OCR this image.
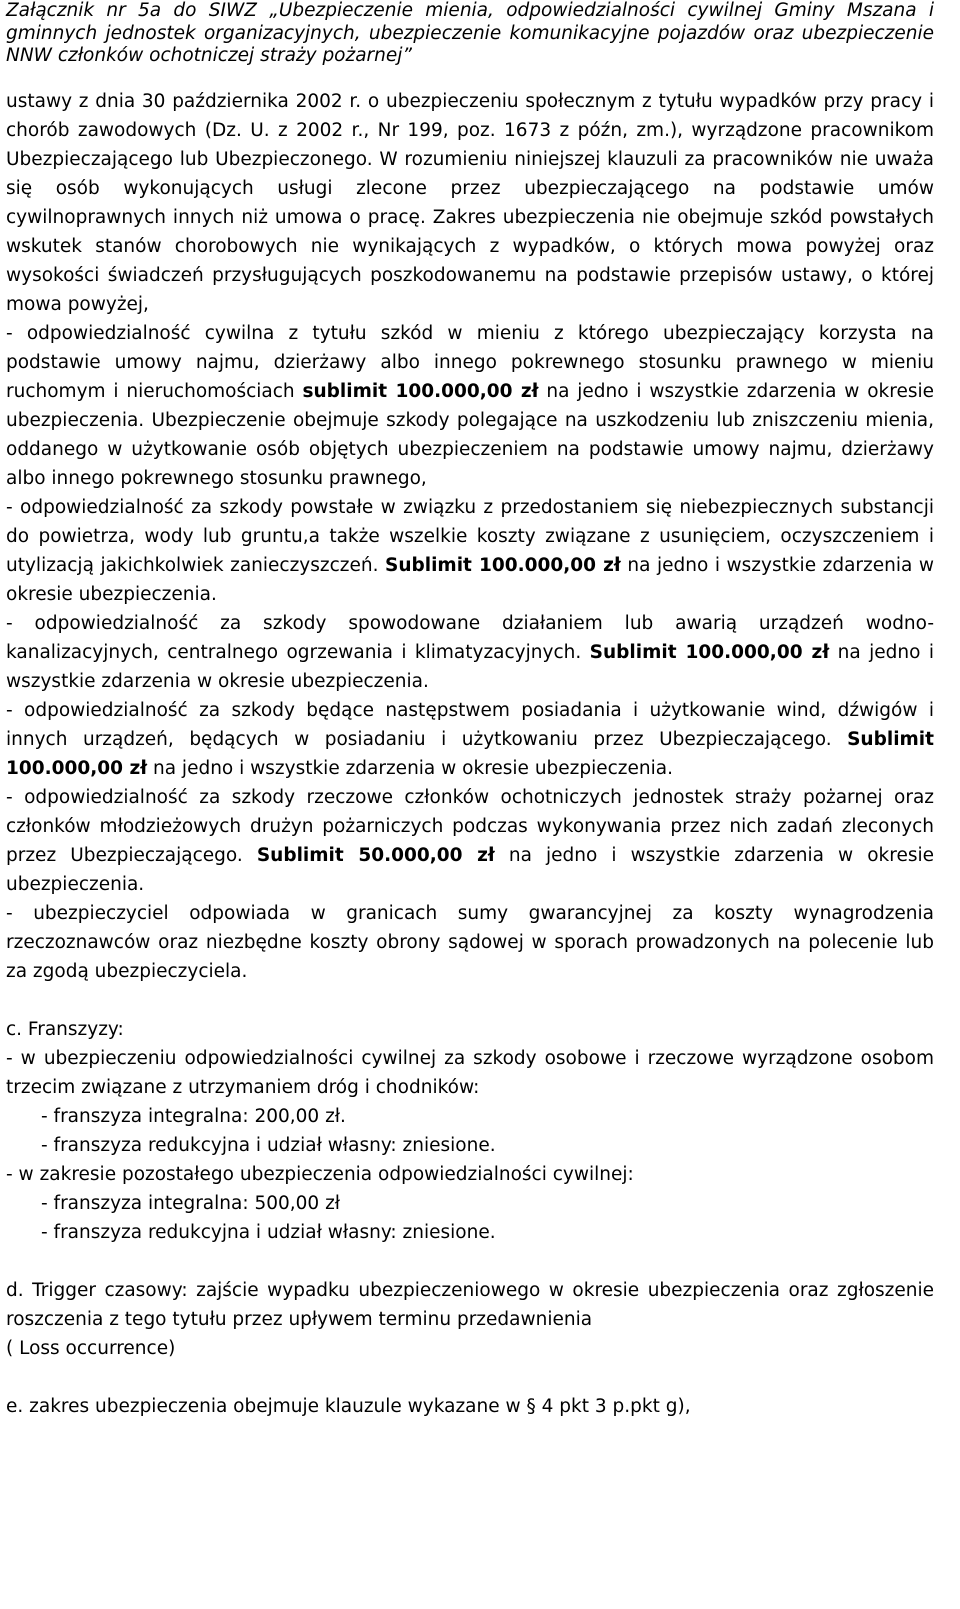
Załącznik nr 5a do SIWZ „Ubezpieczenie mienia, odpowiedzialności cywilnej Gminy Mszana i gminnych jednostek organizacyjnych, ubezpieczenie komunikacyjne pojazdów oraz ubezpieczenie NNW członków ochotniczej straży pożarnej”

ustawy z dnia 30 października 2002 r. o ubezpieczeniu społecznym z tytułu wypadków przy pracy i chorób zawodowych (Dz. U. z 2002 r., Nr 199, poz. 1673 z późn, zm.), wyrządzone pracownikom Ubezpieczającego lub Ubezpieczonego. W rozumieniu niniejszej klauzuli za pracowników nie uważa się osób wykonujących usługi zlecone przez ubezpieczającego na podstawie umów cywilnoprawnych innych niż umowa o pracę. Zakres ubezpieczenia nie obejmuje szkód powstałych wskutek stanów chorobowych nie wynikających z wypadków, o których mowa powyżej oraz wysokości świadczeń przysługujących poszkodowanemu na podstawie przepisów ustawy, o której mowa powyżej,

- odpowiedzialność cywilna z tytułu szkód w mieniu z którego ubezpieczający korzysta na podstawie umowy najmu, dzierżawy albo innego pokrewnego stosunku prawnego w mieniu ruchomym i nieruchomościach sublimit 100.000,00 zł na jedno i wszystkie zdarzenia w okresie ubezpieczenia. Ubezpieczenie obejmuje szkody polegające na uszkodzeniu lub zniszczeniu mienia, oddanego w użytkowanie osób objętych ubezpieczeniem na podstawie umowy najmu, dzierżawy albo innego pokrewnego stosunku prawnego,

- odpowiedzialność za szkody powstałe w związku z przedostaniem się niebezpiecznych substancji do powietrza, wody lub gruntu,a także wszelkie koszty związane z usunięciem, oczyszczeniem i utylizacją jakichkolwiek zanieczyszczeń. Sublimit 100.000,00 zł na jedno i wszystkie zdarzenia w okresie ubezpieczenia.

- odpowiedzialność za szkody spowodowane działaniem lub awarią urządzeń wodno-kanalizacyjnych, centralnego ogrzewania i klimatyzacyjnych. Sublimit 100.000,00 zł na jedno i wszystkie zdarzenia w okresie ubezpieczenia.

- odpowiedzialność za szkody będące następstwem posiadania i użytkowanie wind, dźwigów i innych urządzeń, będących w posiadaniu i użytkowaniu przez Ubezpieczającego. Sublimit 100.000,00 zł na jedno i wszystkie zdarzenia w okresie ubezpieczenia.

- odpowiedzialność za szkody rzeczowe członków ochotniczych jednostek straży pożarnej oraz członków młodzieżowych drużyn pożarniczych podczas wykonywania przez nich zadań zleconych przez Ubezpieczającego. Sublimit 50.000,00 zł na jedno i wszystkie zdarzenia w okresie ubezpieczenia.

- ubezpieczyciel odpowiada w granicach sumy gwarancyjnej za koszty wynagrodzenia rzeczoznawców oraz niezbędne koszty obrony sądowej w sporach prowadzonych na polecenie lub za zgodą ubezpieczyciela.

c. Franszyzy:

- w ubezpieczeniu odpowiedzialności cywilnej za szkody osobowe i rzeczowe wyrządzone osobom trzecim związane z utrzymaniem dróg i chodników:

- franszyza integralna: 200,00 zł.

- franszyza redukcyjna i udział własny: zniesione.

- w zakresie pozostałego ubezpieczenia odpowiedzialności cywilnej:

- franszyza integralna: 500,00 zł

- franszyza redukcyjna i udział własny: zniesione.

d. Trigger czasowy: zajście wypadku ubezpieczeniowego w okresie ubezpieczenia oraz zgłoszenie roszczenia z tego tytułu przez upływem terminu przedawnienia

( Loss occurrence)

e. zakres ubezpieczenia obejmuje klauzule wykazane w § 4 pkt 3 p.pkt g),
